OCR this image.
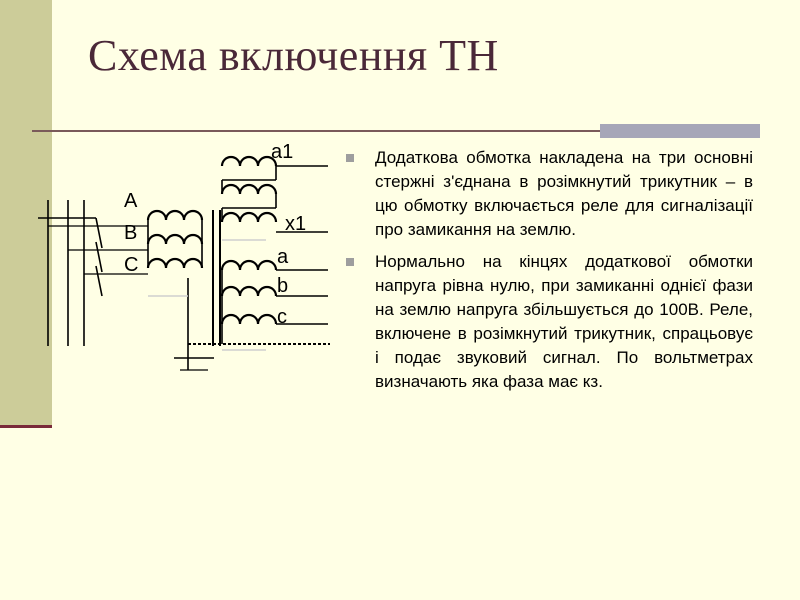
Схема включення ТН
a1
x1
a
b
c
A
B
C
Додаткова обмотка накладена на три основні стержні з'єднана в розімкнутий трикутник – в цю обмотку включається реле для сигналізації про замикання на землю.
Нормально на кінцях додаткової обмотки напруга рівна нулю, при замиканні однієї фази на землю напруга збільшується до 100В. Реле, включене в розімкнутий трикутник, спрацьовує і подає звуковий сигнал. По вольтметрах визначають яка фаза має кз.
